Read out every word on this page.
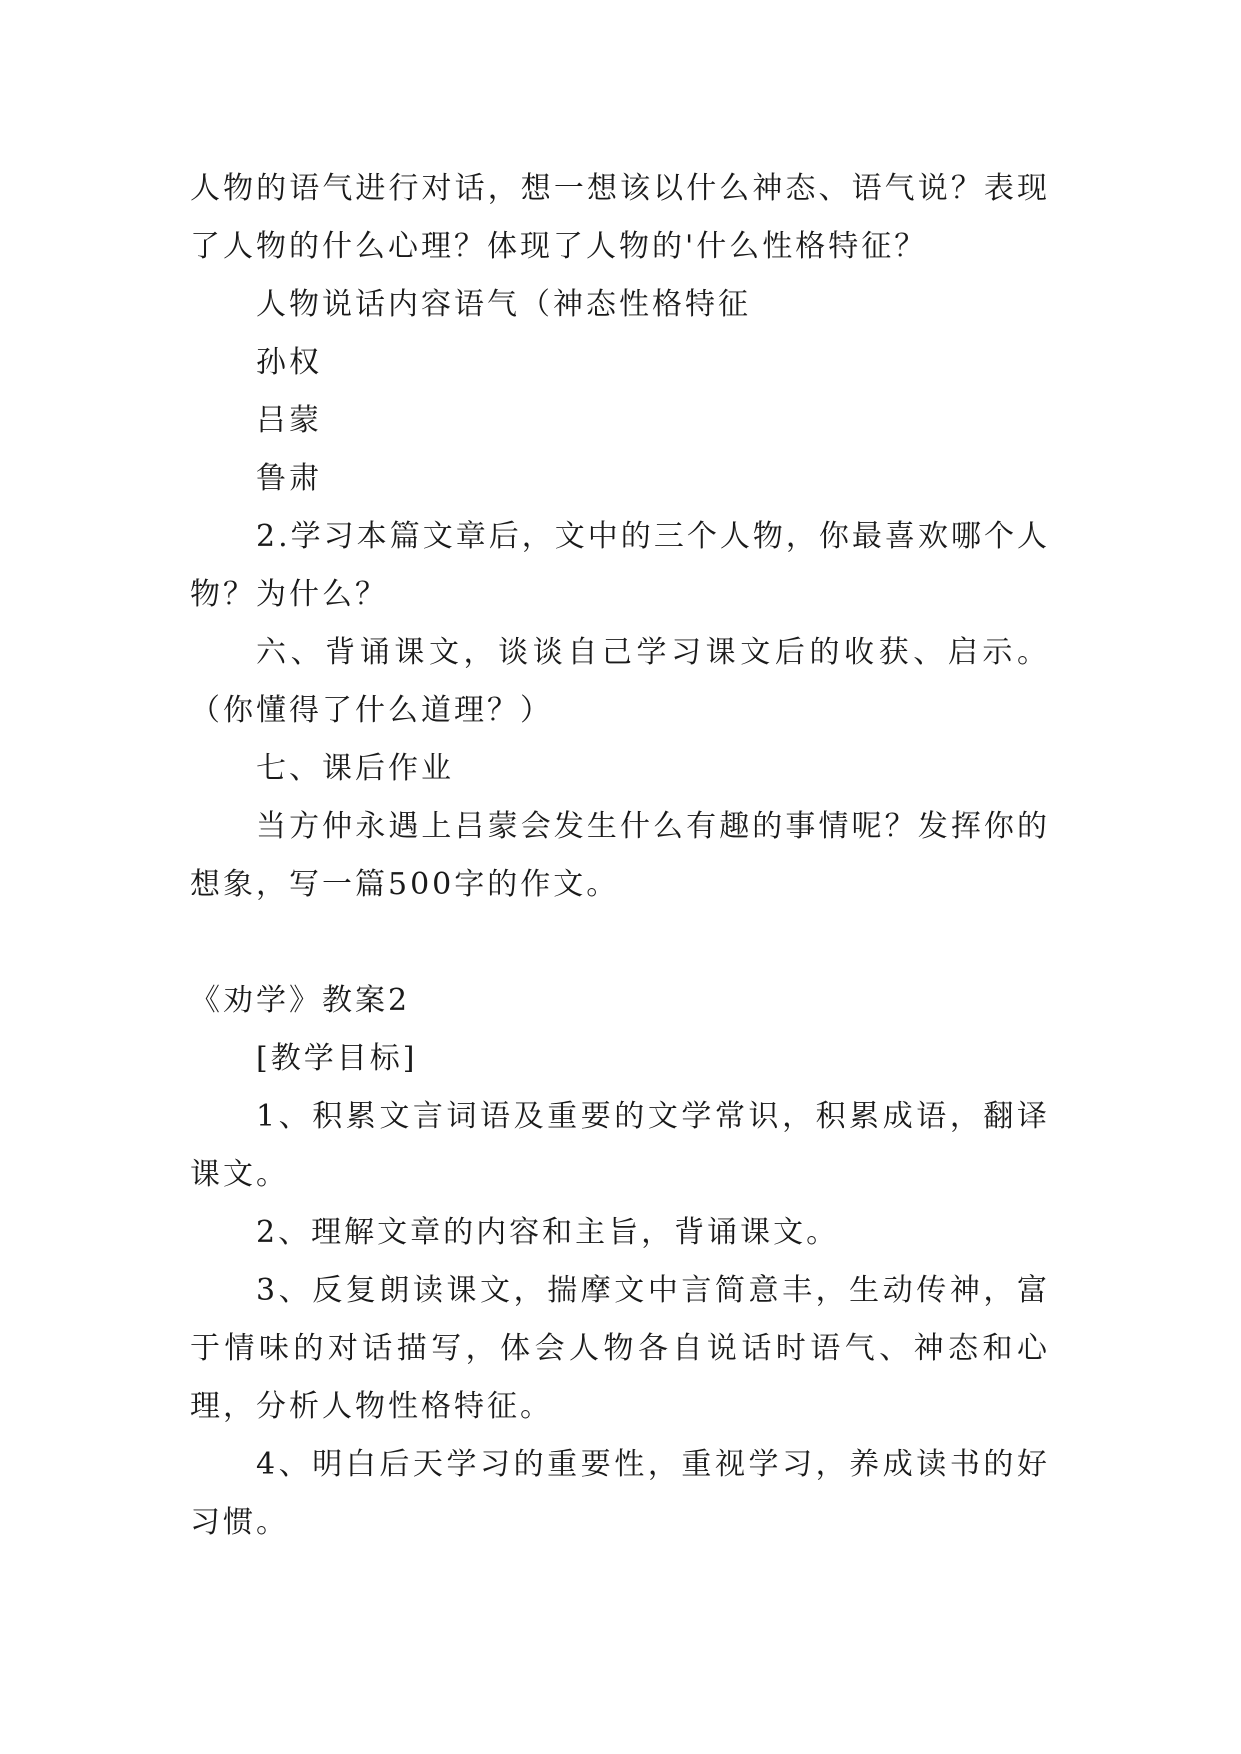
人物的语气进行对话，想一想该以什么神态、语气说？表现了人物的什么心理？体现了人物的'什么性格特征？

人物说话内容语气（神态性格特征

孙权

吕蒙

鲁肃

2.学习本篇文章后，文中的三个人物，你最喜欢哪个人物？为什么？

六、背诵课文，谈谈自己学习课文后的收获、启示。（你懂得了什么道理？）

七、课后作业

当方仲永遇上吕蒙会发生什么有趣的事情呢？发挥你的想象，写一篇500字的作文。

《劝学》教案2

[教学目标]

1、积累文言词语及重要的文学常识，积累成语，翻译课文。

2、理解文章的内容和主旨，背诵课文。

3、反复朗读课文，揣摩文中言简意丰，生动传神，富于情味的对话描写，体会人物各自说话时语气、神态和心理，分析人物性格特征。

4、明白后天学习的重要性，重视学习，养成读书的好习惯。
